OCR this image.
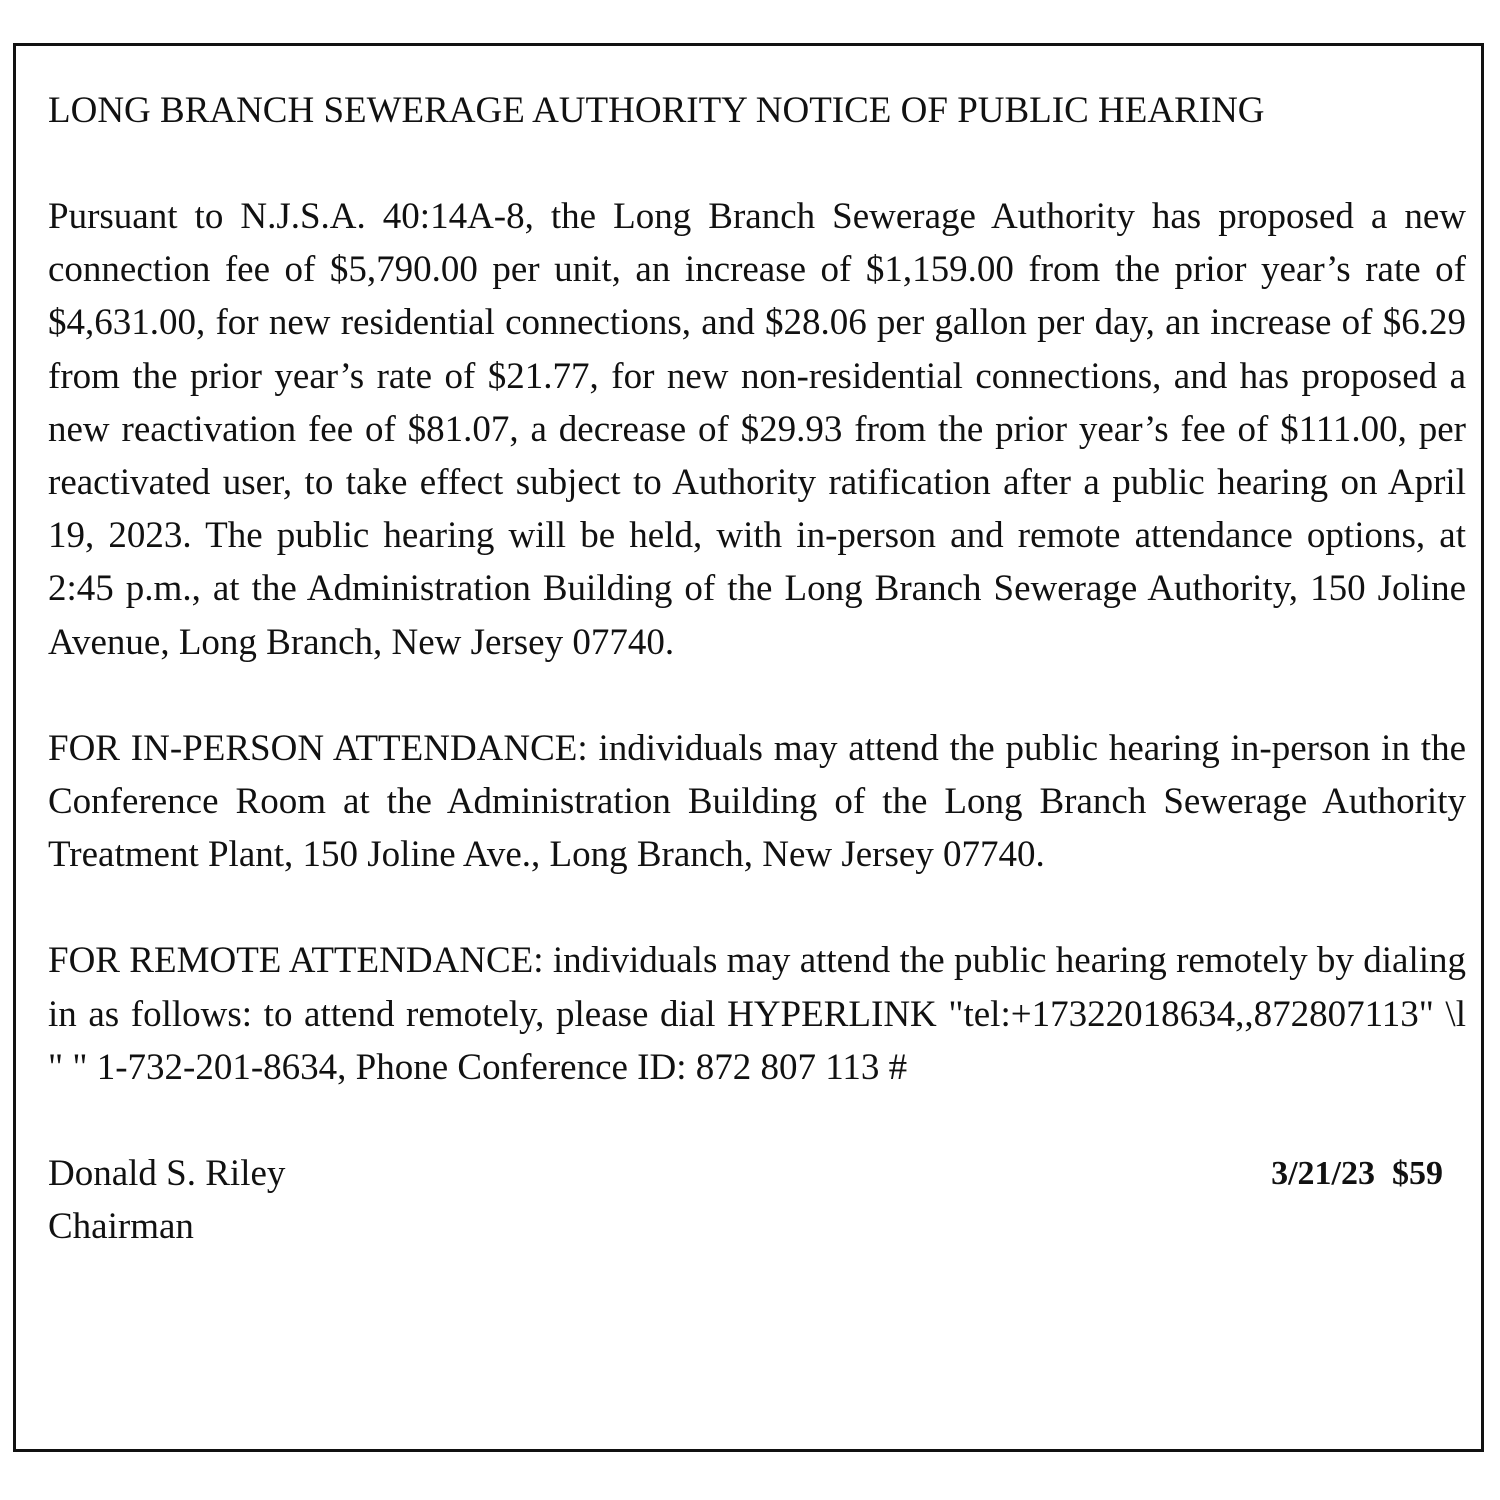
LONG BRANCH SEWERAGE AUTHORITY NOTICE OF PUBLIC HEARING

Pursuant to N.J.S.A. 40:14A-8, the Long Branch Sewerage Authority has proposed a new connection fee of $5,790.00 per unit, an increase of $1,159.00 from the prior year’s rate of $4,631.00, for new residential connections, and $28.06 per gallon per day, an increase of $6.29 from the prior year’s rate of $21.77, for new non-residential connections, and has proposed a new reactivation fee of $81.07, a decrease of $29.93 from the prior year’s fee of $111.00, per reactivated user, to take effect subject to Authority ratification after a public hearing on April 19, 2023. The public hearing will be held, with in-person and remote attendance options, at 2:45 p.m., at the Administration Building of the Long Branch Sewerage Authority, 150 Joline Avenue, Long Branch, New Jersey 07740.

FOR IN-PERSON ATTENDANCE: individuals may attend the public hearing in-person in the Conference Room at the Administration Building of the Long Branch Sewerage Authority Treatment Plant, 150 Joline Ave., Long Branch, New Jersey 07740.

FOR REMOTE ATTENDANCE: individuals may attend the public hearing remotely by dialing in as follows: to attend remotely, please dial HYPERLINK "tel:+17322018634,,872807113" \l " " 1-732-201-8634, Phone Conference ID: 872 807 113 #

Donald S. Riley
Chairman
3/21/23  $59
